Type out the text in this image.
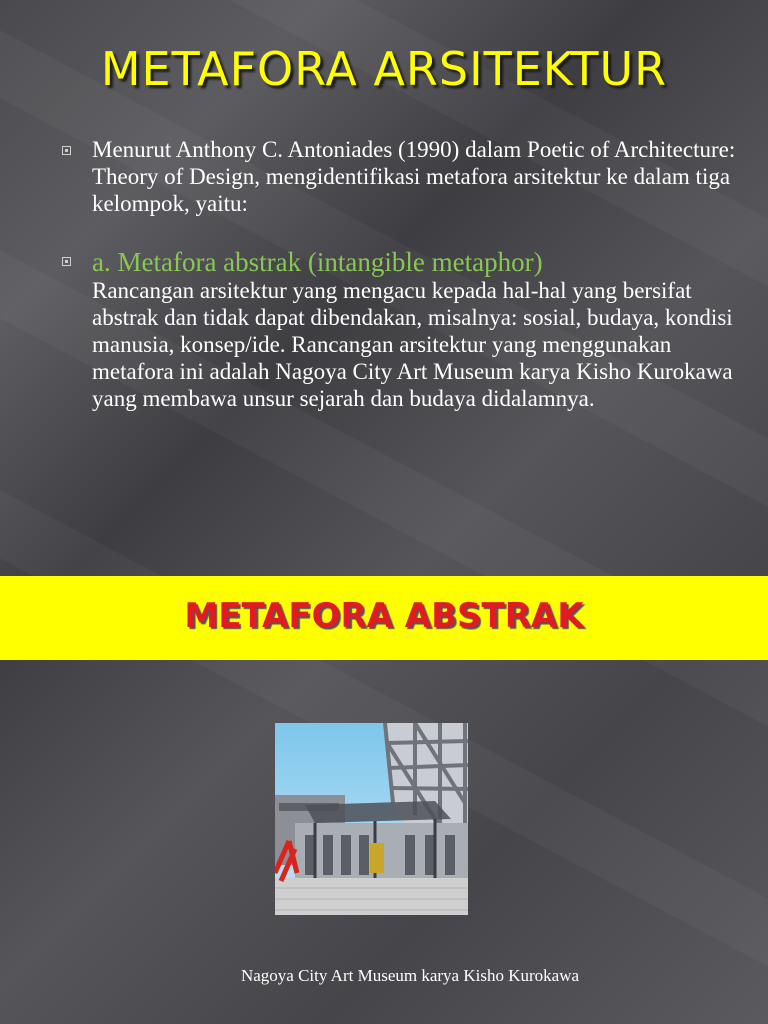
METAFORA ARSITEKTUR
Menurut Anthony C. Antoniades (1990) dalam Poetic of Architecture: Theory of Design, mengidentifikasi metafora arsitektur ke dalam tiga kelompok, yaitu:
a. Metafora abstrak (intangible metaphor)
Rancangan arsitektur yang mengacu kepada hal-hal yang bersifat abstrak dan tidak dapat dibendakan, misalnya: sosial, budaya, kondisi manusia, konsep/ide. Rancangan arsitektur yang menggunakan metafora ini adalah Nagoya City Art Museum karya Kisho Kurokawa yang membawa unsur sejarah dan budaya didalamnya.
METAFORA ABSTRAK
Nagoya City Art Museum karya Kisho Kurokawa
